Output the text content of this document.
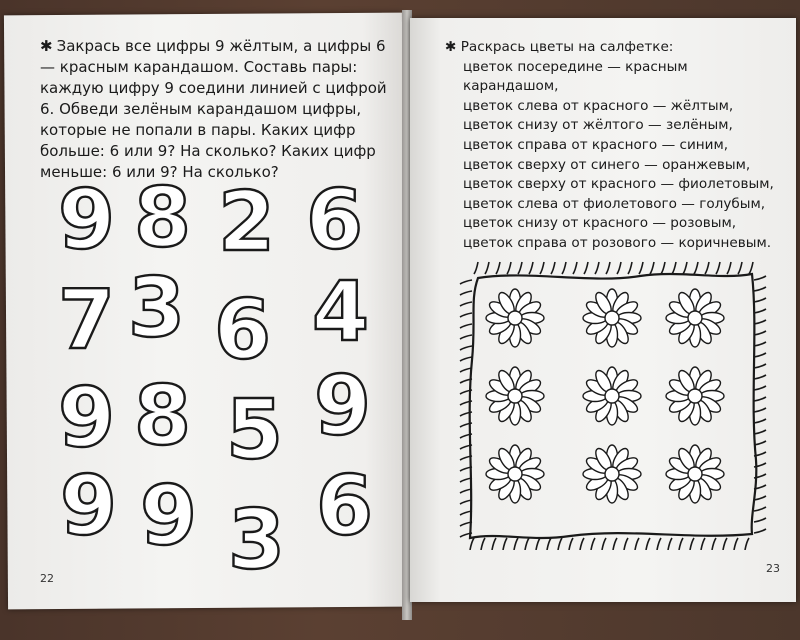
✱ Закрась все цифры 9 жёлтым, а цифры 6 — красным карандашом. Составь пары: каждую цифру 9 соедини линией с цифрой 6. Обведи зелёным карандашом цифры, которые не попали в пары. Каких цифр больше: 6 или 9? На сколько? Каких цифр меньше: 6 или 9? На сколько?
9 8 2 6
7 3 6 4
9 8 5 9
9 9 3 6
22
✱ Раскрась цветы на салфетке:
цветок посередине — красным карандашом,
цветок слева от красного — жёлтым,
цветок снизу от жёлтого — зелёным,
цветок справа от красного — синим,
цветок сверху от синего — оранжевым,
цветок сверху от красного — фиолетовым,
цветок слева от фиолетового — голубым,
цветок снизу от красного — розовым,
цветок справа от розового — коричневым.
23
